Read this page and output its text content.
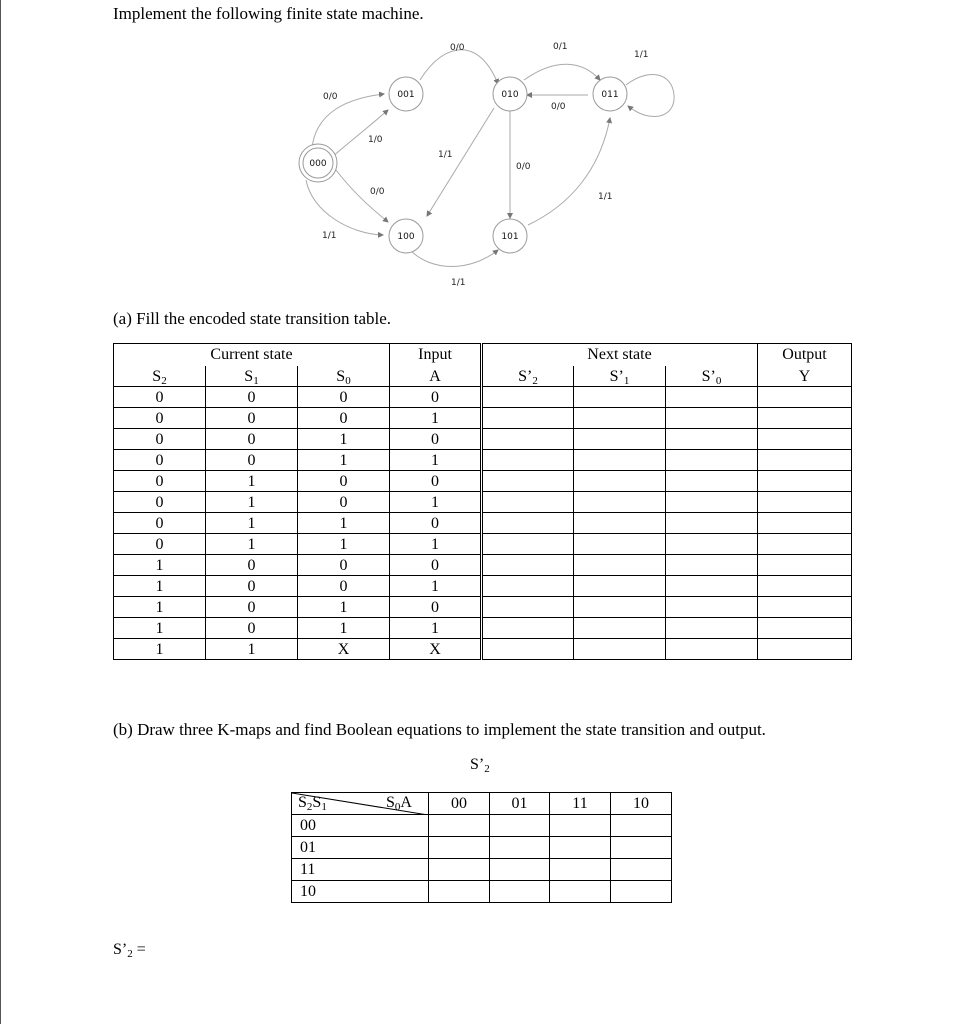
Implement the following finite state machine.
000
001	010	011
100	101
0/0
1/0
0/0
1/1
0/0	0/1
0/0
1/1
0/0
1/1
1/1
1/1
(a) Fill the encoded state transition table.
	Current state		Input		Next state		Output
$S_2$	$S_1$	$S_0$	A	$S’_2$	$S’_1$	$S’_0$	Y
0	0	0	0				
0	0	0	1				
0	0	1	0				
0	0	1	1				
0	1	0	0				
0	1	0	1				
0	1	1	0				
0	1	1	1				
1	0	0	0				
1	0	0	1				
1	0	1	0				
1	0	1	1				
1	1	X	X				
(b) Draw three K-maps and find Boolean equations to implement the state transition and output.
$S’_2$
$S_2S_1$ $S_0A$	00	01	11	10
00				
01				
11				
10				
$S’_2$ =
